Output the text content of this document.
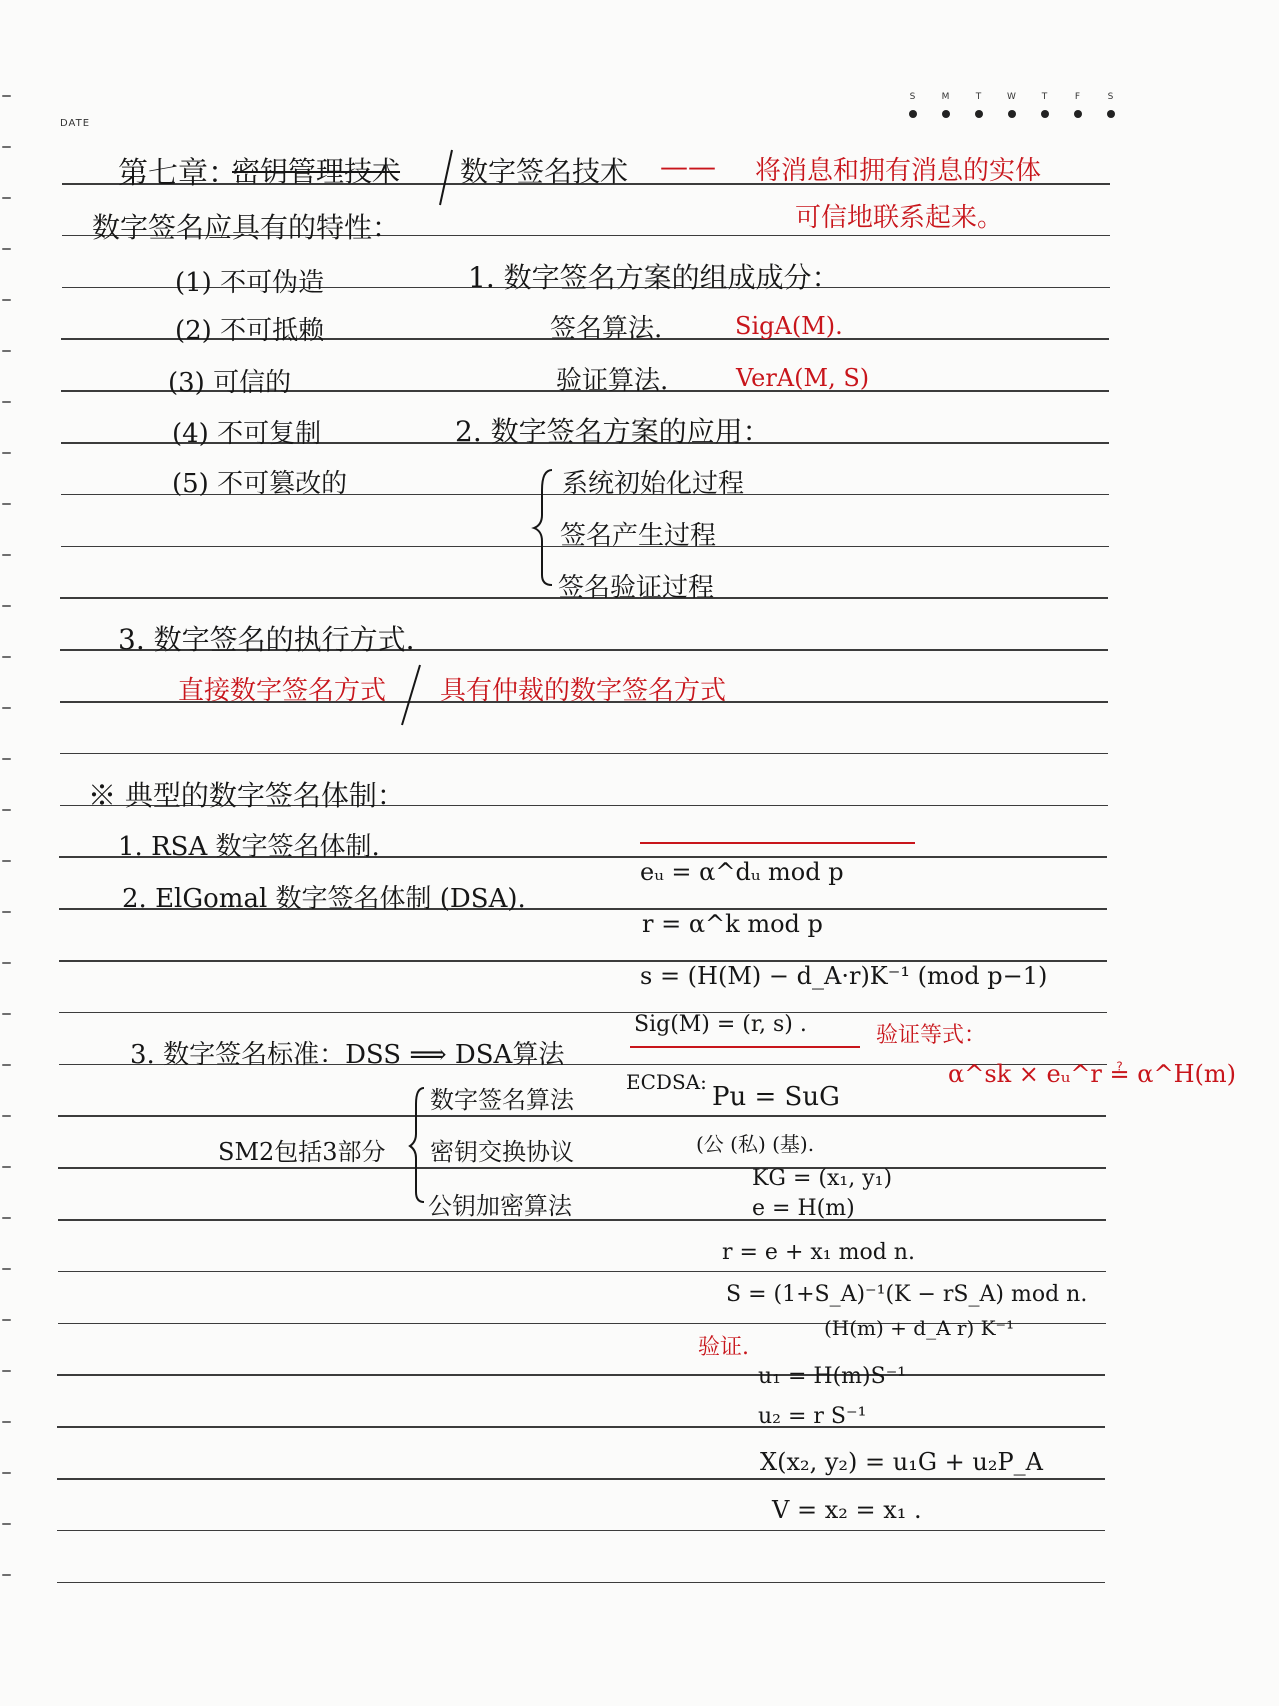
DATE
S	M	T	W	T	F	S
第七章：
密钥管理技术 数字签名技术 —— 将消息和拥有消息的实体
可信地联系起来。
数字签名应具有的特性：
(1) 不可伪造
(2) 不可抵赖
(3) 可信的
(4) 不可复制
(5) 不可篡改的
1. 数字签名方案的组成成分：
签名算法.	SigA(M).
验证算法.	VerA(M, S)
2. 数字签名方案的应用：
系统初始化过程
签名产生过程
签名验证过程
3. 数字签名的执行方式.
直接数字签名方式 具有仲裁的数字签名方式
※ 典型的数字签名体制：
1. RSA 数字签名体制.
2. ElGomal 数字签名体制 (DSA).
3. 数字签名标准：DSS ⟹ DSA算法
SM2包括3部分
数字签名算法
密钥交换协议
公钥加密算法
eᵤ = α^dᵤ mod p
r = α^k mod p
s = (H(M) − d_A·r)K⁻¹ (mod p−1)
Sig(M) = (r, s) .	验证等式：
α^sk × eᵤ^r ≟ α^H(m)
ECDSA: Pu = SuG
(公 (私) (基).
KG = (x₁, y₁)
e = H(m)
r = e + x₁ mod n.
S = (1+S_A)⁻¹(K − rS_A) mod n.
(H(m) + d_A r) K⁻¹
验证.
u₁ = H(m)S⁻¹
u₂ = r S⁻¹
X(x₂, y₂) = u₁G + u₂P_A
V = x₂ = x₁ .
